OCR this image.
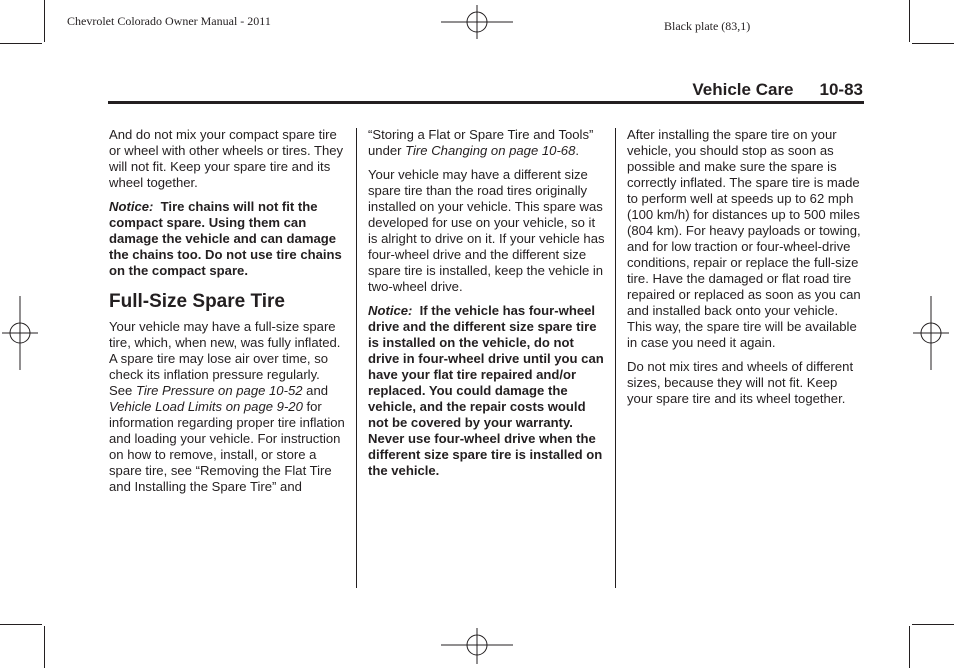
Chevrolet Colorado Owner Manual - 2011	Black plate (83,1)
Vehicle Care 10-83

And do not mix your compact spare tire or wheel with other wheels or tires. They will not fit. Keep your spare tire and its wheel together.

Notice: Tire chains will not fit the compact spare. Using them can damage the vehicle and can damage the chains too. Do not use tire chains on the compact spare.

Full-Size Spare Tire

Your vehicle may have a full-size spare tire, which, when new, was fully inflated. A spare tire may lose air over time, so check its inflation pressure regularly. See Tire Pressure on page 10-52 and Vehicle Load Limits on page 9-20 for information regarding proper tire inflation and loading your vehicle. For instruction on how to remove, install, or store a spare tire, see “Removing the Flat Tire and Installing the Spare Tire” and

“Storing a Flat or Spare Tire and Tools” under Tire Changing on page 10-68.

Your vehicle may have a different size spare tire than the road tires originally installed on your vehicle. This spare was developed for use on your vehicle, so it is alright to drive on it. If your vehicle has four-wheel drive and the different size spare tire is installed, keep the vehicle in two-wheel drive.

Notice: If the vehicle has four-wheel drive and the different size spare tire is installed on the vehicle, do not drive in four-wheel drive until you can have your flat tire repaired and/or replaced. You could damage the vehicle, and the repair costs would not be covered by your warranty. Never use four-wheel drive when the different size spare tire is installed on the vehicle.

After installing the spare tire on your vehicle, you should stop as soon as possible and make sure the spare is correctly inflated. The spare tire is made to perform well at speeds up to 62 mph (100 km/h) for distances up to 500 miles (804 km). For heavy payloads or towing, and for low traction or four-wheel-drive conditions, repair or replace the full-size tire. Have the damaged or flat road tire repaired or replaced as soon as you can and installed back onto your vehicle. This way, the spare tire will be available in case you need it again.

Do not mix tires and wheels of different sizes, because they will not fit. Keep your spare tire and its wheel together.
